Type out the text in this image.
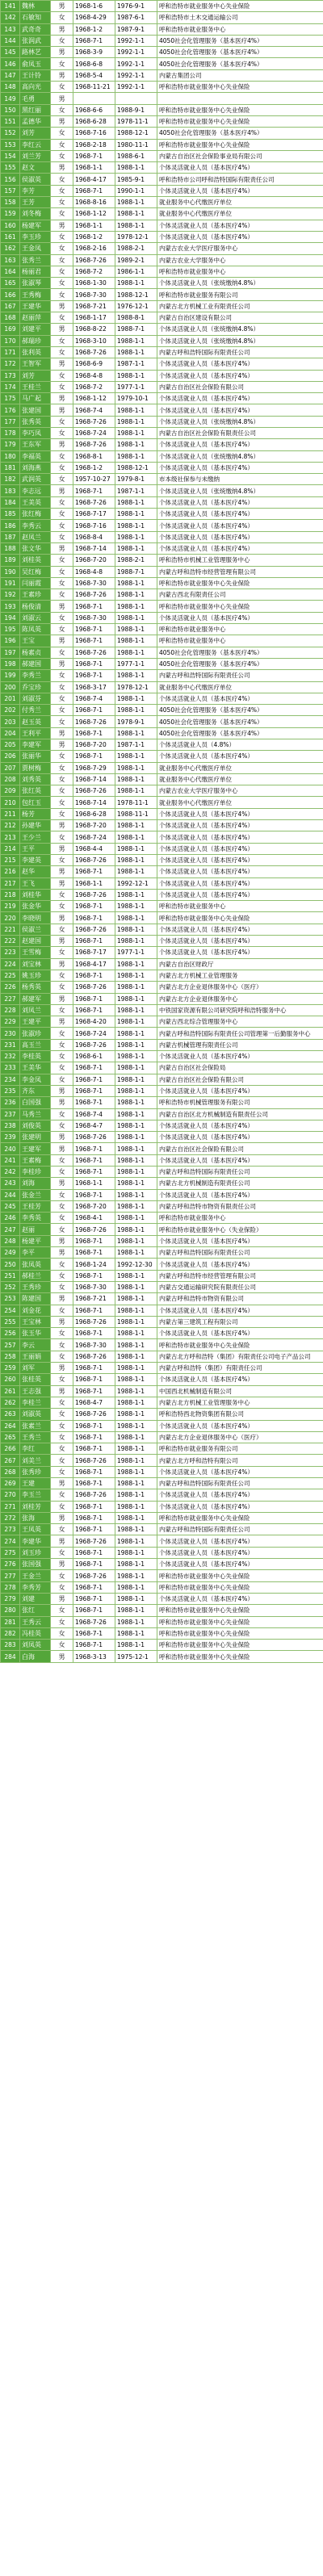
141	魏林	男	1968-1-6	1976-9-1	呼和浩特市就业服务中心失业保险
142	石敏知	女	1968-4-29	1987-6-1	呼和浩特市土木交通运输公司
143	武奇奇	男	1968-1-2	1987-9-1	呼和浩特市就业服务中心
144	张润武	女	1968-7-1	1992-1-1	4050社会化管理服务（基本医疗4%）
145	路林艺	男	1968-3-9	1992-1-1	4050社会化管理服务（基本医疗4%）
146	俞凤玉	女	1968-6-8	1992-1-1	4050社会化管理服务（基本医疗4%）
147	王计铃	男	1968-5-4	1992-1-1	内蒙古集团公司
148	高向光	女	1968-11-21	1992-1-1	呼和浩特市就业服务中心失业保险
149	毛勇	男			
150	黑红丽	女	1968-6-6	1988-9-1	呼和浩特市就业服务中心失业保险
151	孟德华	男	1968-6-28	1978-11-1	呼和浩特市就业服务中心失业保险
152	刘芳	女	1968-7-16	1988-12-1	4050社会化管理服务（基本医疗4%）
153	李红云	女	1968-2-18	1980-11-1	呼和浩特市就业服务中心失业保险
154	刘兰芳	女	1968-7-1	1988-6-1	内蒙古自治区社会保险事业局有限公司
155	赵文	男	1968-1-1	1988-1-1	个体灵活就业人员（基本医疗4%）
156	侯淑英	女	1968-4-17	1985-9-1	呼和浩特市公司呼和浩特国际有限责任公司
157	李芳	女	1968-7-1	1990-1-1	个体灵活就业人员（基本医疗4%）
158	王芳	女	1968-8-16	1988-1-1	就业服务中心代缴医疗单位
159	刘冬梅	女	1968-1-12	1988-1-1	就业服务中心代缴医疗单位
160	杨建军	男	1968-1-1	1988-1-1	个体灵活就业人员（基本医疗4%）
161	李玉珍	女	1968-1-2	1978-12-1	个体灵活就业人员（基本医疗4%）
162	王金凤	女	1968-2-16	1988-2-1	内蒙古农业大学医疗服务中心
163	张秀兰	女	1968-7-26	1989-2-1	内蒙古农业大学服务中心
164	杨丽君	女	1968-7-2	1986-1-1	呼和浩特市就业服务中心
165	张淑琴	女	1968-1-30	1988-1-1	个体灵活就业人员（张统缴纳4.8%）
166	王秀梅	女	1968-7-30	1988-12-1	呼和浩特市就业服务有限公司
167	王建华	男	1968-7-21	1976-12-1	内蒙古北方机械工业有限责任公司
168	赵丽萍	女	1968-1-17	1988-8-1	内蒙古自治区建设有限公司
169	刘建平	男	1968-8-22	1988-7-1	个体灵活就业人员（张统缴纳4.8%）
170	郝瑞珍	女	1968-3-10	1988-1-1	个体灵活就业人员（张统缴纳4.8%）
171	张利英	女	1968-7-26	1988-1-1	内蒙古呼和浩特国际有限责任公司
172	王智军	男	1968-6-9	1987-1-1	个体灵活就业人员（基本医疗4%）
173	刘芳	女	1968-4-8	1988-1-1	个体灵活就业人员（基本医疗4%）
174	王桂兰	女	1968-7-2	1977-1-1	内蒙古自治区社会保险有限公司
175	马广起	男	1968-1-12	1979-10-1	个体灵活就业人员（基本医疗4%）
176	张建国	男	1968-7-4	1988-1-1	个体灵活就业人员（基本医疗4%）
177	张秀英	女	1968-7-26	1988-1-1	个体灵活就业人员（张统缴纳4.8%）
178	李巧凤	女	1968-7-24	1988-1-1	内蒙古自治区社会保险有限责任公司
179	王东军	男	1968-7-26	1988-1-1	个体灵活就业人员（基本医疗4%）
180	李福英	女	1968-8-1	1988-1-1	个体灵活就业人员（张统缴纳4.8%）
181	刘海燕	女	1968-1-2	1988-12-1	个体灵活就业人员（基本医疗4%）
182	武润英	女	1957-10-27	1979-8-1	市本级社保参与未缴纳
183	李志远	男	1968-7-1	1987-1-1	个体灵活就业人员（张统缴纳4.8%）
184	王美英	女	1968-7-26	1988-1-1	个体灵活就业人员（基本医疗4%）
185	张红梅	女	1968-7-17	1988-1-1	个体灵活就业人员（基本医疗4%）
186	李秀云	女	1968-7-16	1988-1-1	个体灵活就业人员（基本医疗4%）
187	赵凤兰	女	1968-8-4	1988-1-1	个体灵活就业人员（基本医疗4%）
188	张文华	男	1968-7-14	1988-1-1	个体灵活就业人员（基本医疗4%）
189	刘桂英	女	1968-7-20	1988-2-1	呼和浩特市机械工业管理服务中心
190	吴红梅	女	1968-4-8	1988-7-1	内蒙古呼和浩特市经营管理有限公司
191	闫丽霞	女	1968-7-30	1988-1-1	呼和浩特市就业服务中心失业保险
192	王素珍	女	1968-7-26	1988-1-1	内蒙古西北有限责任公司
193	杨俊清	男	1968-7-1	1988-1-1	呼和浩特市就业服务中心失业保险
194	刘淑云	女	1968-7-30	1988-1-1	个体灵活就业人员（基本医疗4%）
195	陈凤英	女	1968-7-1	1988-1-1	呼和浩特市就业服务中心
196	王宝	男	1968-7-1	1988-1-1	呼和浩特市就业服务中心
197	杨素贞	女	1968-7-26	1988-1-1	4050社会化管理服务（基本医疗4%）
198	郝建国	男	1968-7-1	1977-1-1	4050社会化管理服务（基本医疗4%）
199	李秀兰	女	1968-7-1	1988-1-1	内蒙古呼和浩特国际有限责任公司
200	乔宝珍	女	1968-3-17	1978-12-1	就业服务中心代缴医疗单位
201	刘淑芬	女	1968-7-4	1988-1-1	个体灵活就业人员（基本医疗4%）
202	付秀兰	女	1968-7-1	1988-1-1	4050社会化管理服务（基本医疗4%）
203	赵玉英	女	1968-7-26	1978-9-1	4050社会化管理服务（基本医疗4%）
204	王利平	男	1968-7-1	1988-1-1	4050社会化管理服务（基本医疗4%）
205	李建军	男	1968-7-20	1987-1-1	个体灵活就业人员（4.8%）
206	张丽华	女	1968-7-1	1988-1-1	个体灵活就业人员（基本医疗4%）
207	贾树梅	女	1968-7-29	1988-1-1	就业服务中心代缴医疗单位
208	刘秀英	女	1968-7-14	1988-1-1	就业服务中心代缴医疗单位
209	张红英	女	1968-7-26	1988-1-1	内蒙古农业大学医疗服务中心
210	包红玉	女	1968-7-14	1978-11-1	就业服务中心代缴医疗单位
211	杨芳	女	1968-6-28	1988-11-1	个体灵活就业人员（基本医疗4%）
212	孙建华	男	1968-7-20	1988-1-1	个体灵活就业人员（基本医疗4%）
213	王少兰	女	1968-7-24	1988-1-1	个体灵活就业人员（基本医疗4%）
214	王平	男	1968-4-4	1988-1-1	个体灵活就业人员（基本医疗4%）
215	李建英	女	1968-7-26	1988-1-1	个体灵活就业人员（基本医疗4%）
216	赵华	男	1968-7-1	1988-1-1	个体灵活就业人员（基本医疗4%）
217	王飞	男	1968-1-1	1992-12-1	个体灵活就业人员（基本医疗4%）
218	刘桂华	女	1968-7-26	1988-1-1	个体灵活就业人员（基本医疗4%）
219	张金华	女	1968-7-1	1988-1-1	呼和浩特市就业服务中心
220	李晓明	男	1968-7-1	1988-1-1	呼和浩特市就业服务中心失业保险
221	侯淑兰	女	1968-7-26	1988-1-1	个体灵活就业人员（基本医疗4%）
222	赵建国	男	1968-7-1	1988-1-1	个体灵活就业人员（基本医疗4%）
223	王雪梅	女	1968-7-17	1977-1-1	个体灵活就业人员（基本医疗4%）
224	刘宝林	男	1968-4-17	1988-1-1	内蒙古自治区财政厅
225	姚玉珍	女	1968-7-1	1988-1-1	内蒙古北方机械工业管理服务
226	杨秀英	女	1968-7-26	1988-1-1	内蒙古北方企业退休服务中心（医疗）
227	郝建军	男	1968-7-1	1988-1-1	内蒙古北方企业退休服务中心
228	刘凤兰	女	1968-7-1	1988-1-1	中铁国家资源有限公司研究院呼和浩特服务中心
229	王建平	男	1968-4-20	1988-1-1	内蒙古西北综合管理服务中心
230	张淑珍	女	1968-7-24	1988-1-1	内蒙古呼和浩特国际有限责任公司管理第一后勤服务中心
231	高玉兰	女	1968-7-26	1988-1-1	内蒙古机械管理有限责任公司
232	李桂英	女	1968-6-1	1988-1-1	个体灵活就业人员（基本医疗4%）
233	王美华	女	1968-7-1	1988-1-1	内蒙古自治区社会保险局
234	李金凤	女	1968-7-1	1988-1-1	内蒙古自治区社会保险有限公司
235	齐东	男	1968-7-1	1988-1-1	个体灵活就业人员（基本医疗4%）
236	白国强	男	1968-7-1	1988-1-1	呼和浩特市机械管理服务有限公司
237	马秀兰	女	1968-7-4	1988-1-1	内蒙古自治区北方机械制造有限责任公司
238	刘俊英	女	1968-4-7	1988-1-1	个体灵活就业人员（基本医疗4%）
239	张建明	男	1968-7-26	1988-1-1	个体灵活就业人员（基本医疗4%）
240	王建军	男	1968-7-1	1988-1-1	内蒙古自治区社会保险有限公司
241	王素梅	女	1968-7-1	1988-1-1	个体灵活就业人员（基本医疗4%）
242	李桂珍	女	1968-7-1	1988-1-1	内蒙古呼和浩特国际有限责任公司
243	刘海	男	1968-1-1	1988-1-1	内蒙古北方机械制造有限责任公司
244	张金兰	女	1968-7-1	1988-1-1	个体灵活就业人员（基本医疗4%）
245	王桂芳	女	1968-7-20	1988-1-1	内蒙古呼和浩特市物资有限责任公司
246	李秀英	女	1968-4-1	1988-1-1	呼和浩特市就业服务中心
247	赵丽	女	1968-7-26	1988-1-1	呼和浩特市就业服务中心（失业保险）
248	杨建平	男	1968-7-1	1988-1-1	个体灵活就业人员（基本医疗4%）
249	李平	男	1968-7-1	1988-1-1	内蒙古呼和浩特国际有限责任公司
250	张凤英	女	1968-1-24	1992-12-30	个体灵活就业人员（基本医疗4%）
251	郝桂兰	女	1968-7-1	1988-1-1	内蒙古呼和浩特市经营管理有限公司
252	王秀珍	女	1968-7-30	1988-1-1	内蒙古交通运输研究院有限责任公司
253	陈建国	男	1968-7-21	1988-1-1	内蒙古呼和浩特市物资有限公司
254	刘金花	女	1968-7-1	1988-1-1	个体灵活就业人员（基本医疗4%）
255	王宝林	男	1968-7-26	1988-1-1	内蒙古第三建筑工程有限公司
256	张玉华	女	1968-7-1	1988-1-1	个体灵活就业人员（基本医疗4%）
257	李云	女	1968-7-30	1988-1-1	呼和浩特市就业服务中心失业保险
258	王丽娟	女	1968-7-26	1988-1-1	内蒙古北方呼和浩特（集团）有限责任公司电子产品公司
259	刘军	男	1968-7-1	1988-1-1	内蒙古呼和浩特（集团）有限责任公司
260	张桂英	女	1968-7-1	1988-1-1	个体灵活就业人员（基本医疗4%）
261	王志强	男	1968-7-1	1988-1-1	中国西北机械制造有限公司
262	李桂兰	女	1968-4-7	1988-1-1	内蒙古北方机械工业管理服务中心
263	刘淑英	女	1968-7-26	1988-1-1	呼和浩特西北物资集团有限公司
264	张素兰	女	1968-7-1	1988-1-1	个体灵活就业人员（基本医疗4%）
265	王秀兰	女	1968-7-1	1988-1-1	内蒙古北方企业退休服务中心（医疗）
266	李红	女	1968-7-1	1988-1-1	呼和浩特市就业服务有限公司
267	刘美兰	女	1968-7-26	1988-1-1	内蒙古北方呼和浩特有限公司
268	张秀珍	女	1968-7-1	1988-1-1	个体灵活就业人员（基本医疗4%）
269	王建	男	1968-7-1	1988-1-1	内蒙古呼和浩特国际有限责任公司
270	李玉兰	女	1968-7-26	1988-1-1	个体灵活就业人员（基本医疗4%）
271	刘桂芳	女	1968-7-1	1988-1-1	个体灵活就业人员（基本医疗4%）
272	张海	男	1968-7-1	1988-1-1	呼和浩特市就业服务中心失业保险
273	王凤英	女	1968-7-1	1988-1-1	内蒙古呼和浩特国际有限责任公司
274	李建华	男	1968-7-26	1988-1-1	个体灵活就业人员（基本医疗4%）
275	刘玉珍	女	1968-7-1	1988-1-1	个体灵活就业人员（基本医疗4%）
276	张国强	男	1968-7-1	1988-1-1	个体灵活就业人员（基本医疗4%）
277	王金兰	女	1968-7-26	1988-1-1	呼和浩特市就业服务中心失业保险
278	李秀芳	女	1968-7-1	1988-1-1	呼和浩特市就业服务中心失业保险
279	刘建	男	1968-7-1	1988-1-1	个体灵活就业人员（基本医疗4%）
280	张红	女	1968-7-1	1988-1-1	呼和浩特市就业服务中心失业保险
281	王秀云	女	1968-7-26	1988-1-1	呼和浩特市就业服务中心失业保险
282	冯桂英	女	1968-7-1	1988-1-1	呼和浩特市就业服务中心失业保险
283	刘凤英	女	1968-7-1	1988-1-1	呼和浩特市就业服务中心失业保险
284	白海	男	1968-3-13	1975-12-1	呼和浩特市就业服务中心失业保险
